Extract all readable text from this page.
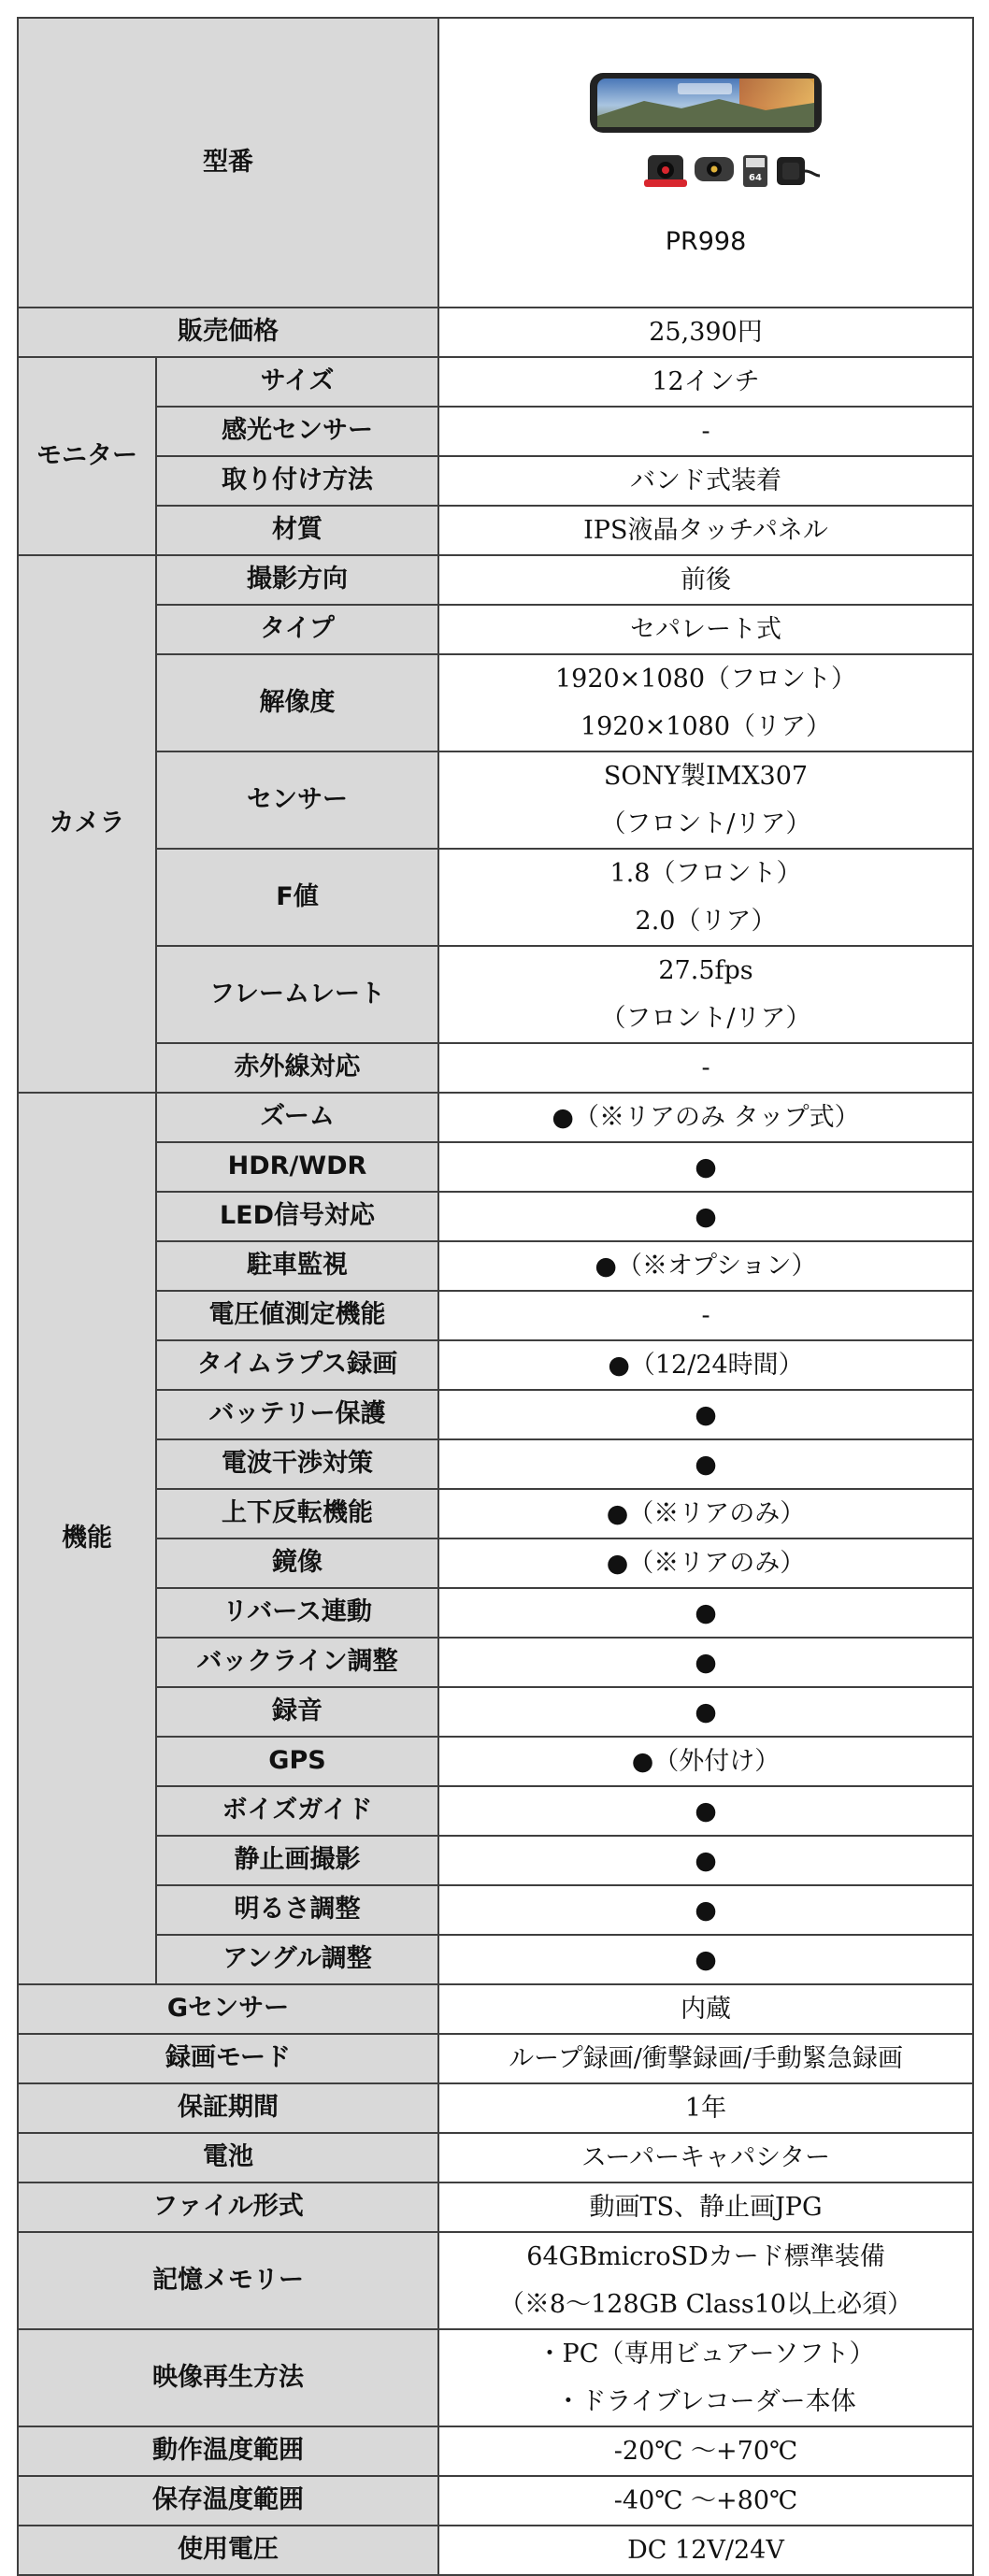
型番		64
PR998

販売価格		25,390円
モニター	サイズ	12インチ
	感光センサー	-
	取り付け方法	バンド式装着
	材質	IPS液晶タッチパネル
カメラ	撮影方向	前後

	タイプ	セパレート式

	解像度	1920×1080（フロント）
1920×1080（リア）

	センサー	SONY製IMX307
（フロント/リア）

	F値	1.8（フロント）
2.0（リア）

	フレームレート	27.5fps
（フロント/リア）

	赤外線対応	-

機能	ズーム	●（※リアのみ タップ式）
	HDR/WDR	●
	LED信号対応	●
	駐車監視	●（※オプション）
	電圧値測定機能	-
	タイムラプス録画	●（12/24時間）
	バッテリー保護	●
	電波干渉対策	●
	上下反転機能	●（※リアのみ）
	鏡像	●（※リアのみ）
	リバース連動	●
	バックライン調整	●
	録音	●
	GPS	●（外付け）
	ボイズガイド	●
	静止画撮影	●
	明るさ調整	●
	アングル調整	●
Gセンサー		内蔵

録画モード		ループ録画/衝撃録画/手動緊急録画

保証期間		1年

電池		スーパーキャパシター

ファイル形式		動画TS、静止画JPG

記憶メモリー		64GBmicroSDカード標準装備
（※8～128GB Class10以上必須）

映像再生方法		・PC（専用ビュアーソフト）
・ドライブレコーダー本体

動作温度範囲		-20℃ ～+70℃

保存温度範囲		-40℃ ～+80℃

使用電圧		DC 12V/24V
